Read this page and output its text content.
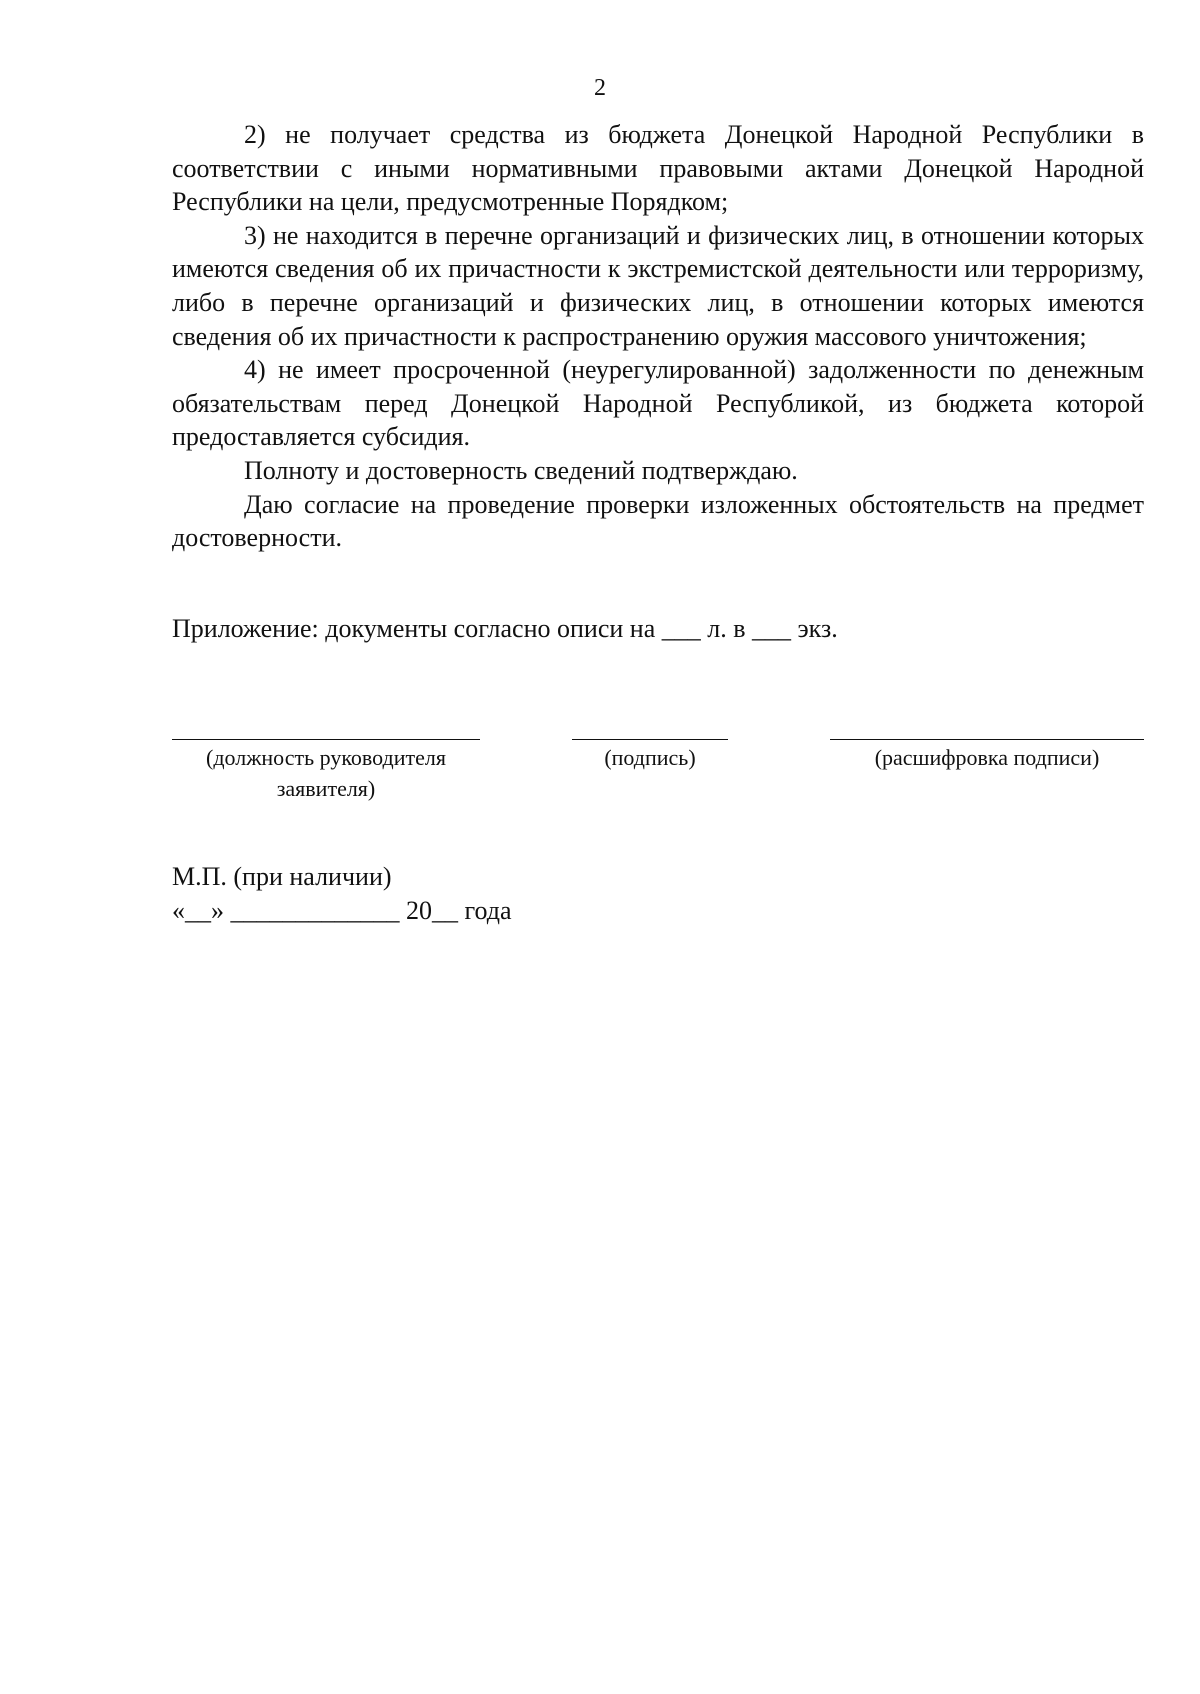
2

2) не получает средства из бюджета Донецкой Народной Республики в соответствии с иными нормативными правовыми актами Донецкой Народной Республики на цели, предусмотренные Порядком;

3) не находится в перечне организаций и физических лиц, в отношении которых имеются сведения об их причастности к экстремистской деятельности или терроризму, либо в перечне организаций и физических лиц, в отношении которых имеются сведения об их причастности к распространению оружия массового уничтожения;

4) не имеет просроченной (неурегулированной) задолженности по денежным обязательствам перед Донецкой Народной Республикой, из бюджета которой предоставляется субсидия.

Полноту и достоверность сведений подтверждаю.

Даю согласие на проведение проверки изложенных обстоятельств на предмет достоверности.

Приложение: документы согласно описи на ___ л. в ___ экз.
(должность руководителя заявителя)
(подпись)	(расшифровка подписи)
М.П. (при наличии)
«__» _____________ 20__ года
